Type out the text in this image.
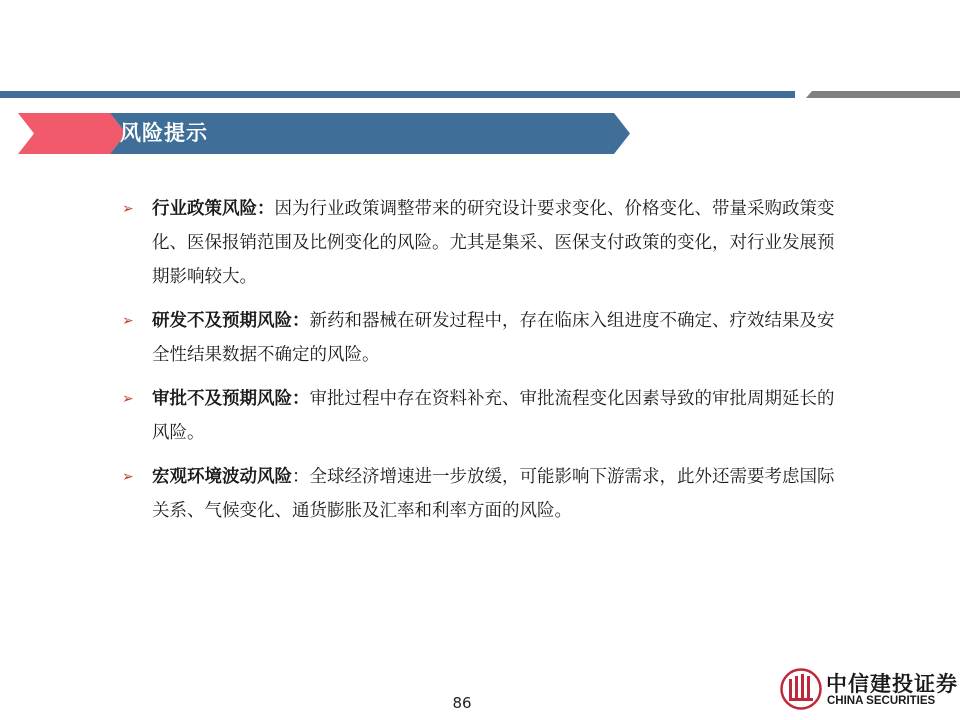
风险提示
➢ 行业政策风险：因为行业政策调整带来的研究设计要求变化、价格变化、带量采购政策变化、医保报销范围及比例变化的风险。尤其是集采、医保支付政策的变化，对行业发展预期影响较大。
➢ 研发不及预期风险：新药和器械在研发过程中，存在临床入组进度不确定、疗效结果及安全性结果数据不确定的风险。
➢ 审批不及预期风险：审批过程中存在资料补充、审批流程变化因素导致的审批周期延长的风险。
➢ 宏观环境波动风险：全球经济增速进一步放缓，可能影响下游需求，此外还需要考虑国际关系、气候变化、通货膨胀及汇率和利率方面的风险。
86
中信建投证券
CHINA SECURITIES
